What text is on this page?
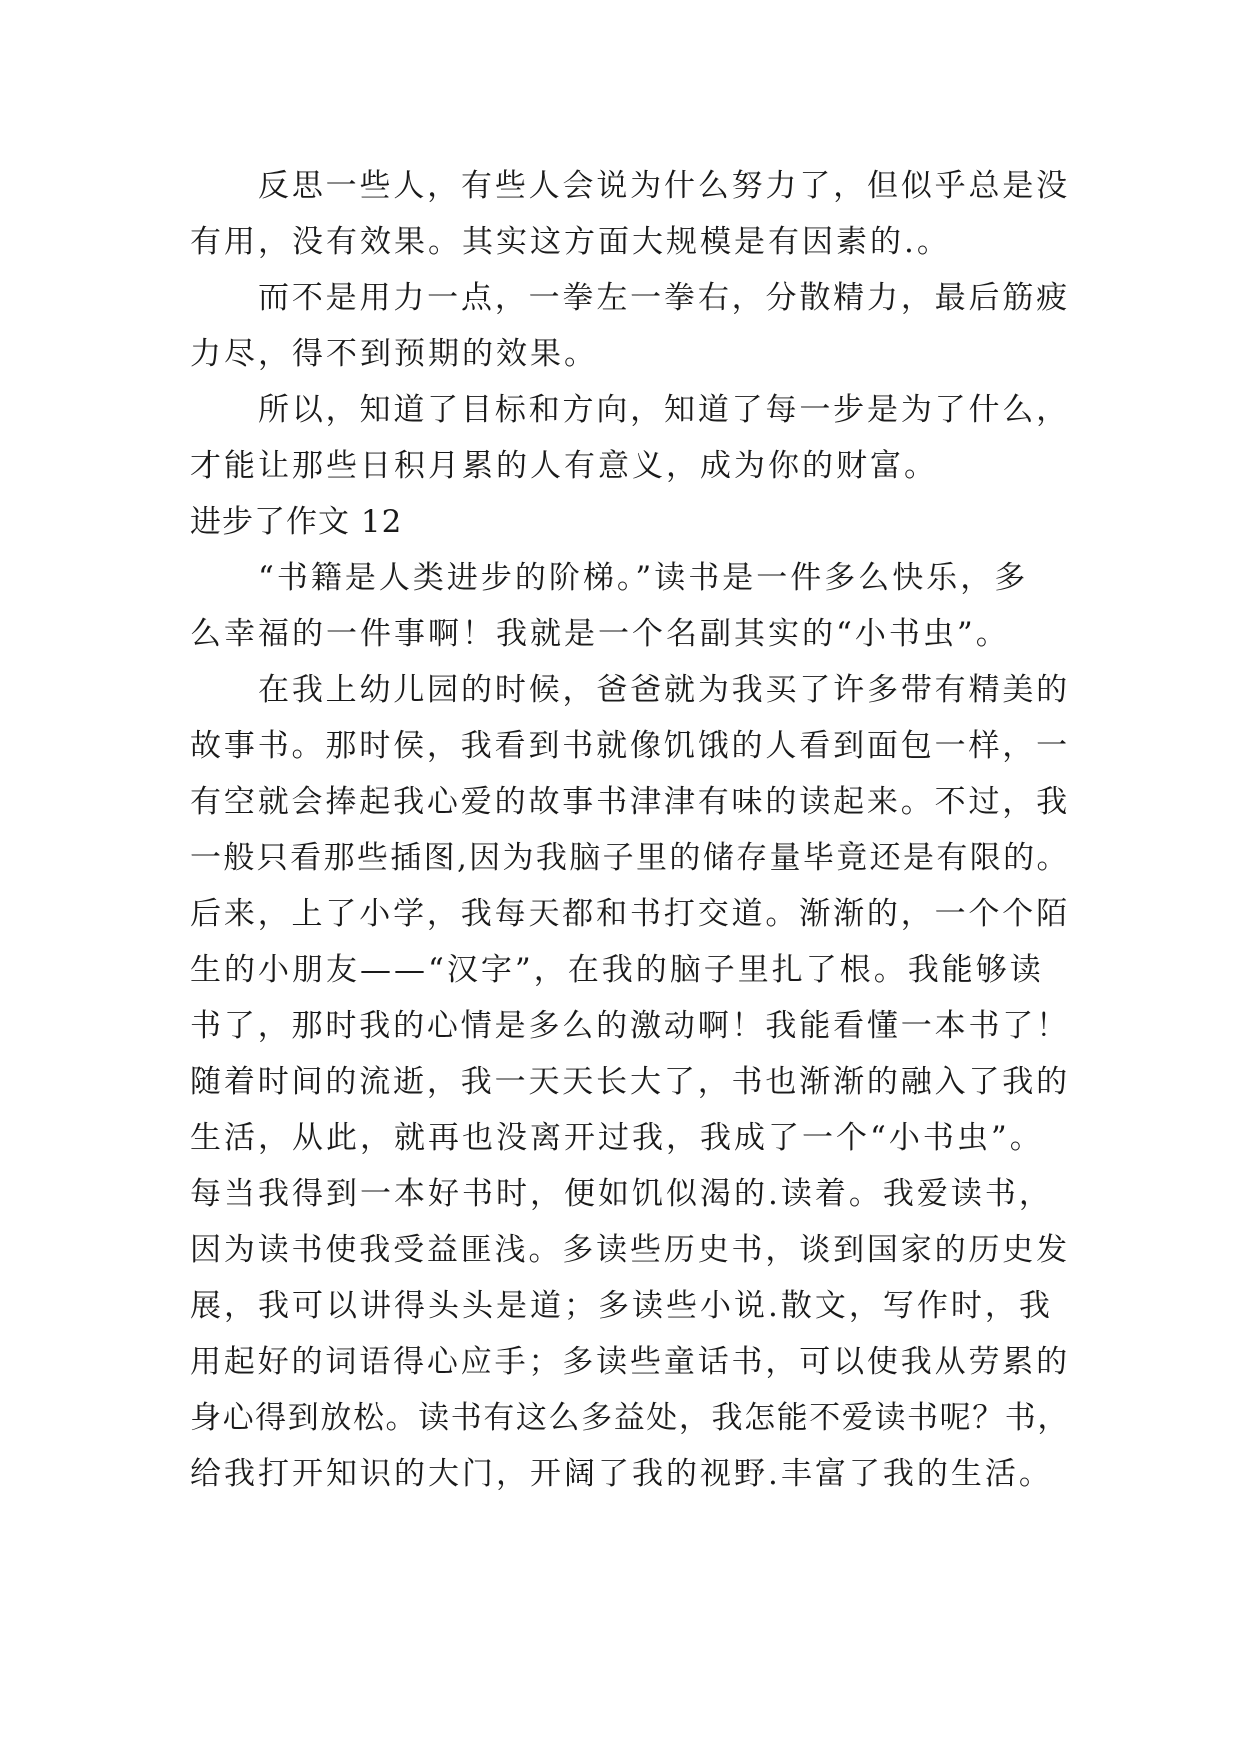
反思一些人，有些人会说为什么努力了，但似乎总是没
有用，没有效果。其实这方面大规模是有因素的.。
而不是用力一点，一拳左一拳右，分散精力，最后筋疲
力尽，得不到预期的效果。
所以，知道了目标和方向，知道了每一步是为了什么，
才能让那些日积月累的人有意义，成为你的财富。
进步了作文 12
“书籍是人类进步的阶梯。”读书是一件多么快乐，多
么幸福的一件事啊！我就是一个名副其实的“小书虫”。
在我上幼儿园的时候，爸爸就为我买了许多带有精美的
故事书。那时侯，我看到书就像饥饿的人看到面包一样，一
有空就会捧起我心爱的故事书津津有味的读起来。不过，我
一般只看那些插图,因为我脑子里的储存量毕竟还是有限的。
后来，上了小学，我每天都和书打交道。渐渐的，一个个陌
生的小朋友——“汉字”，在我的脑子里扎了根。我能够读
书了，那时我的心情是多么的激动啊！我能看懂一本书了！
随着时间的流逝，我一天天长大了，书也渐渐的融入了我的
生活，从此，就再也没离开过我，我成了一个“小书虫”。
每当我得到一本好书时，便如饥似渴的.读着。我爱读书，
因为读书使我受益匪浅。多读些历史书，谈到国家的历史发
展，我可以讲得头头是道；多读些小说.散文，写作时，我
用起好的词语得心应手；多读些童话书，可以使我从劳累的
身心得到放松。读书有这么多益处，我怎能不爱读书呢？书，
给我打开知识的大门，开阔了我的视野.丰富了我的生活。
